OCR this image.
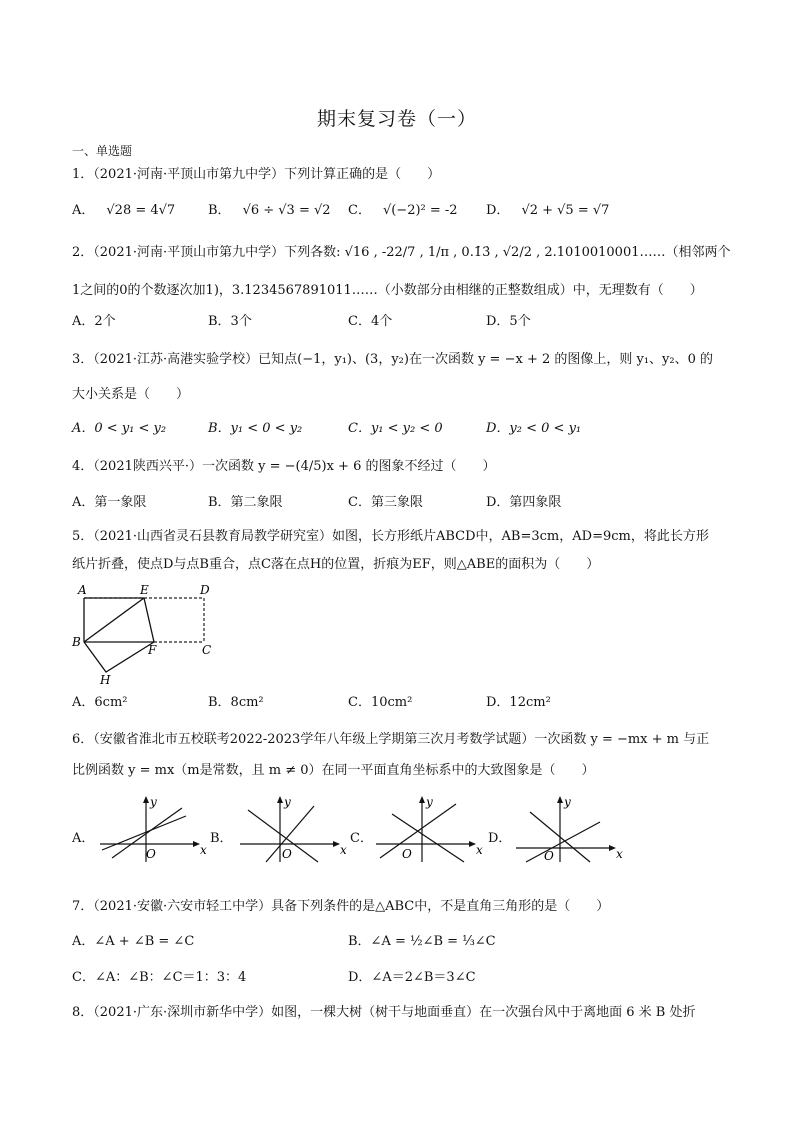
期末复习卷（一）
一、单选题
1．（2021·河南·平顶山市第九中学）下列计算正确的是（　　）
A． √28 = 4√7	B． √6 ÷ √3 = √2 C． √(−2)² = -2 D． √2 + √5 = √7
2．（2021·河南·平顶山市第九中学）下列各数: √16 , -22/7 , 1/π , 0.1̇3̇ , √2/2 , 2.1010010001……（相邻两个
1之间的0的个数逐次加1)，3.1234567891011……（小数部分由相继的正整数组成）中，无理数有（　　）
A．2个	B．3个	C．4个	D．5个
3．（2021·江苏·高港实验学校）已知点(−1，y₁)、(3，y₂)在一次函数 y = −x + 2 的图像上，则 y₁、y₂、0 的
大小关系是（　　）
A．0 < y₁ < y₂	B．y₁ < 0 < y₂	C．y₁ < y₂ < 0	D．y₂ < 0 < y₁
4．（2021陕西兴平·）一次函数 y = −(4/5)x + 6 的图象不经过（　　）
A．第一象限	B．第二象限	C．第三象限	D．第四象限
5．（2021·山西省灵石县教育局教学研究室）如图，长方形纸片ABCD中，AB=3cm，AD=9cm，将此长方形
纸片折叠，使点D与点B重合，点C落在点H的位置，折痕为EF，则△ABE的面积为（　　）
A	E	D
B
F	C
H
A．6cm²	B．8cm²	C．10cm²	D．12cm²
6．（安徽省淮北市五校联考2022-2023学年八年级上学期第三次月考数学试题）一次函数 y = −mx + m 与正
比例函数 y = mx（m是常数，且 m ≠ 0）在同一平面直角坐标系中的大致图象是（　　）
A．	B．	C．	D．
x
y
O	x
y
O	x
y
O	x
y
O
7．（2021·安徽·六安市轻工中学）具备下列条件的是△ABC中，不是直角三角形的是（　　）
A．∠A + ∠B = ∠C	B．∠A = ½∠B = ⅓∠C
C．∠A：∠B：∠C＝1：3：4	D．∠A＝2∠B＝3∠C
8．（2021·广东·深圳市新华中学）如图，一棵大树（树干与地面垂直）在一次强台风中于离地面 6 米 B 处折
